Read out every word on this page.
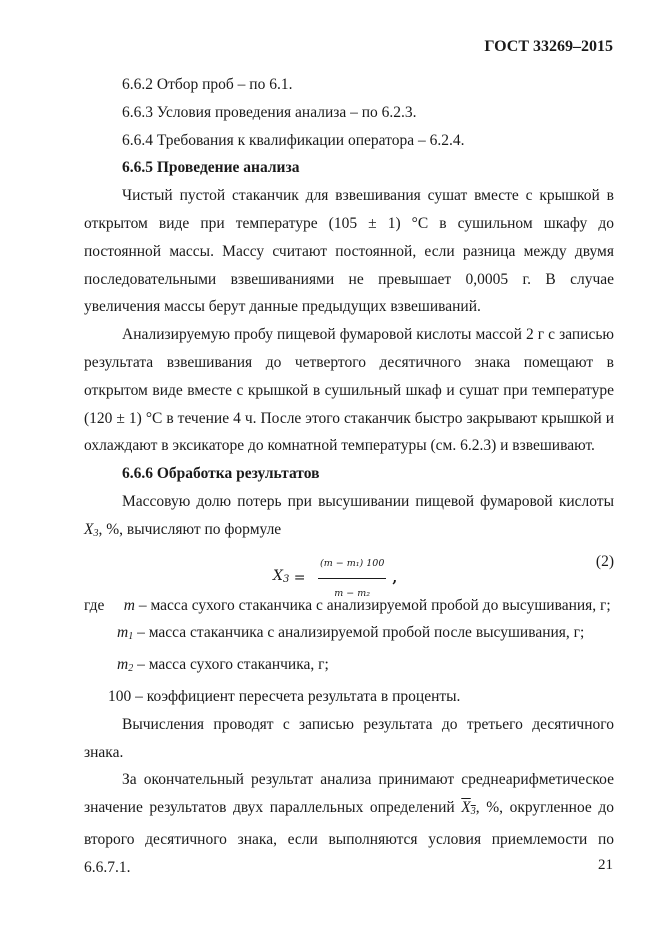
ГОСТ 33269–2015

6.6.2 Отбор проб – по 6.1.

6.6.3 Условия проведения анализа – по 6.2.3.

6.6.4 Требования к квалификации оператора – 6.2.4.

6.6.5 Проведение анализа

Чистый пустой стаканчик для взвешивания сушат вместе с крышкой в открытом виде при температуре (105 ± 1) °C в сушильном шкафу до постоянной массы. Массу считают постоянной, если разница между двумя последовательными взвешиваниями не превышает 0,0005 г. В случае увеличения массы берут данные предыдущих взвешиваний.

Анализируемую пробу пищевой фумаровой кислоты массой 2 г с записью результата взвешивания до четвертого десятичного знака помещают в открытом виде вместе с крышкой в сушильный шкаф и сушат при температуре (120 ± 1) °C в течение 4 ч. После этого стаканчик быстро закрывают крышкой и охлаждают в эксикаторе до комнатной температуры (см. 6.2.3) и взвешивают.

6.6.6 Обработка результатов

Массовую долю потерь при высушивании пищевой фумаровой кислоты $X_3$, %, вычисляют по формуле

$X_3 = \frac{\text{(m − m₁) 100}}{\text{m − m₂}}$ ,
(2)

где m – масса сухого стаканчика с анализируемой пробой до высушивания, г;

$m_1$ – масса стаканчика с анализируемой пробой после высушивания, г;

$m_2$ – масса сухого стаканчика, г;

100 – коэффициент пересчета результата в проценты.

Вычисления проводят с записью результата до третьего десятичного знака.

За окончательный результат анализа принимают среднеарифметическое значение результатов двух параллельных определений $X_3$, %, округленное до второго десятичного знака, если выполняются условия приемлемости по 6.6.7.1.	21
